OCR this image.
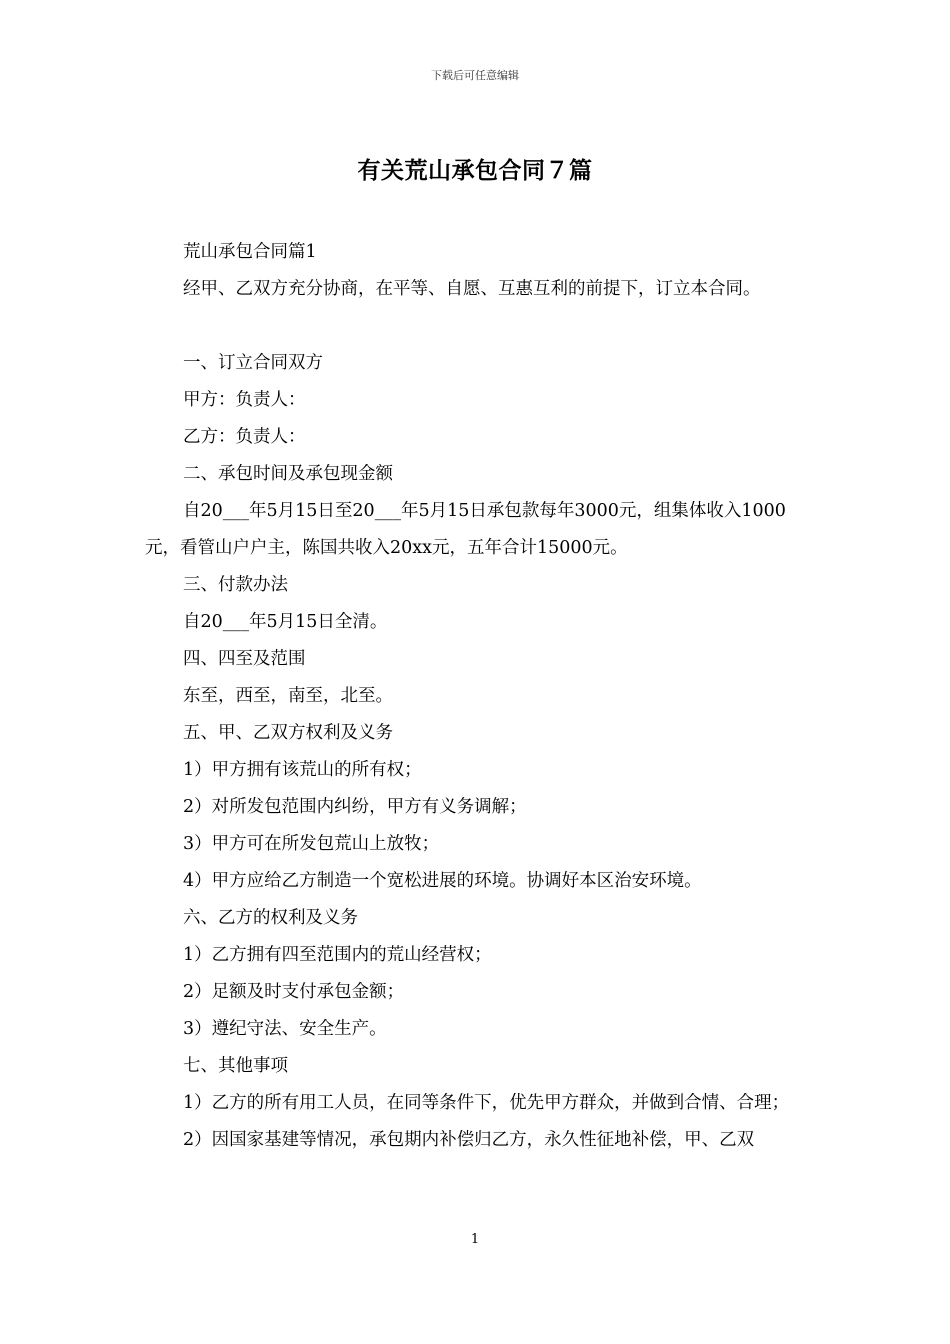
下载后可任意编辑
有关荒山承包合同７篇

荒山承包合同篇1

经甲、乙双方充分协商，在平等、自愿、互惠互利的前提下，订立本合同。

一、订立合同双方

甲方：负责人：

乙方：负责人：

二、承包时间及承包现金额

自20___年5月15日至20___年5月15日承包款每年3000元，组集体收入1000元，看管山户户主，陈国共收入20xx元，五年合计15000元。

三、付款办法

自20___年5月15日全清。

四、四至及范围

东至，西至，南至，北至。

五、甲、乙双方权利及义务

1）甲方拥有该荒山的所有权；

2）对所发包范围内纠纷，甲方有义务调解；

3）甲方可在所发包荒山上放牧；

4）甲方应给乙方制造一个宽松进展的环境。协调好本区治安环境。

六、乙方的权利及义务

1）乙方拥有四至范围内的荒山经营权；

2）足额及时支付承包金额；

3）遵纪守法、安全生产。

七、其他事项

1）乙方的所有用工人员，在同等条件下，优先甲方群众，并做到合情、合理；

2）因国家基建等情况，承包期内补偿归乙方，永久性征地补偿，甲、乙双

1
